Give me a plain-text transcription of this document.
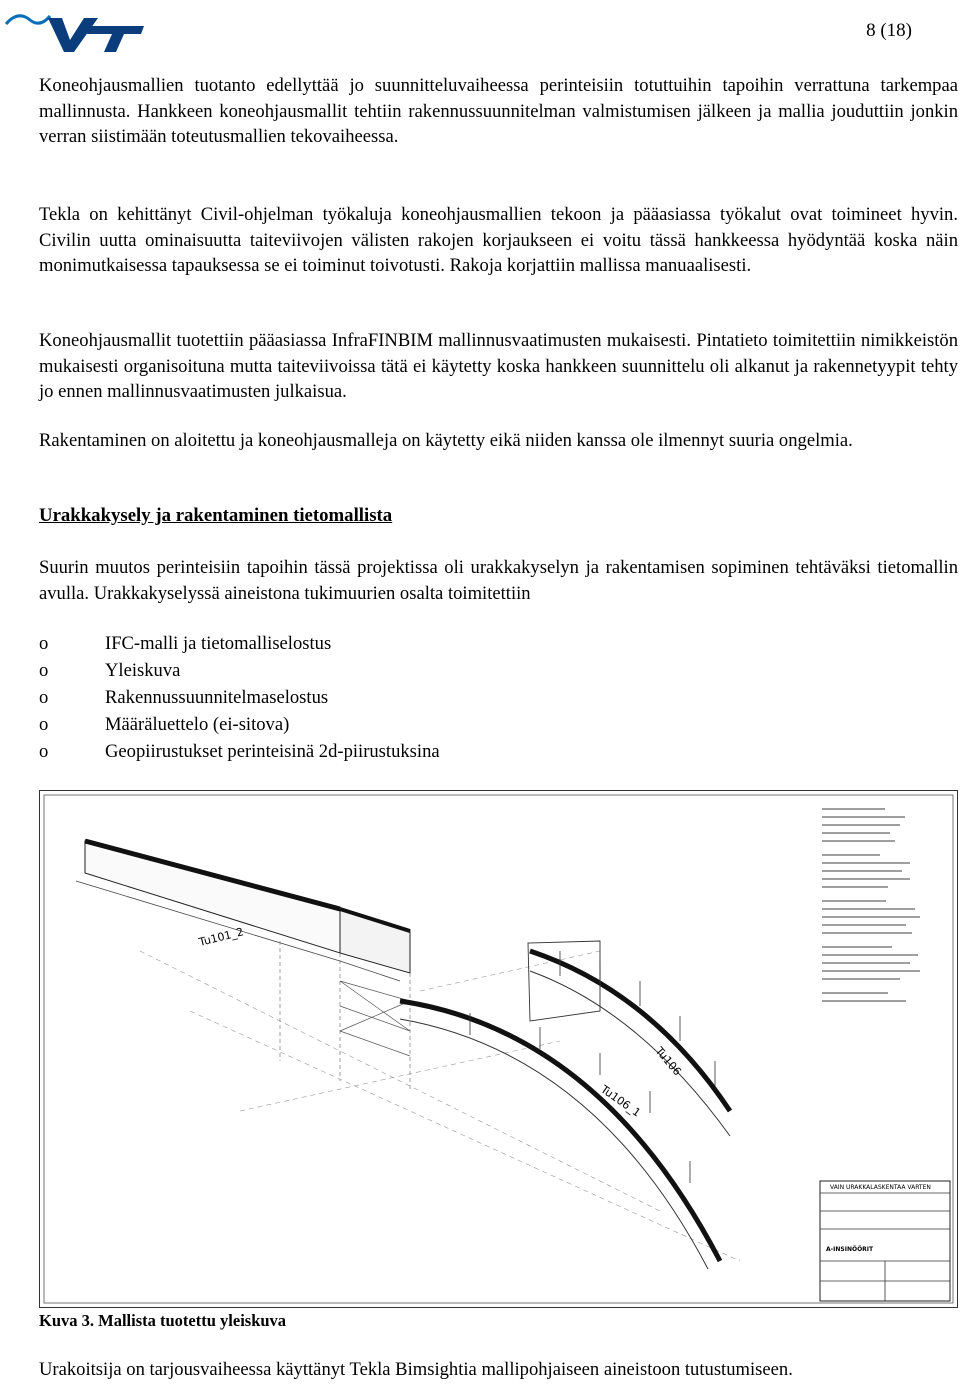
8 (18)

Koneohjausmallien tuotanto edellyttää jo suunnitteluvaiheessa perinteisiin totuttuihin tapoihin verrattuna tarkempaa mallinnusta. Hankkeen koneohjausmallit tehtiin rakennussuunnitelman valmistumisen jälkeen ja mallia jouduttiin jonkin verran siistimään toteutusmallien tekovaiheessa.

Tekla on kehittänyt Civil-ohjelman työkaluja koneohjausmallien tekoon ja pääasiassa työkalut ovat toimineet hyvin. Civilin uutta ominaisuutta taiteviivojen välisten rakojen korjaukseen ei voitu tässä hankkeessa hyödyntää koska näin monimutkaisessa tapauksessa se ei toiminut toivotusti. Rakoja korjattiin mallissa manuaalisesti.

Koneohjausmallit tuotettiin pääasiassa InfraFINBIM mallinnusvaatimusten mukaisesti. Pintatieto toimitettiin nimikkeistön mukaisesti organisoituna mutta taiteviivoissa tätä ei käytetty koska hankkeen suunnittelu oli alkanut ja rakennetyypit tehty jo ennen mallinnusvaatimusten julkaisua.

Rakentaminen on aloitettu ja koneohjausmalleja on käytetty eikä niiden kanssa ole ilmennyt suuria ongelmia.

Urakkakysely ja rakentaminen tietomallista

Suurin muutos perinteisiin tapoihin tässä projektissa oli urakkakyselyn ja rakentamisen sopiminen tehtäväksi tietomallin avulla. Urakkakyselyssä aineistona tukimuurien osalta toimitettiin

o	IFC-malli ja tietomalliselostus
o	Yleiskuva
o	Rakennussuunnitelmaselostus
o	Määräluettelo (ei-sitova)
o	Geopiirustukset perinteisinä 2d-piirustuksina
Tu101_2
Tu106
Tu106_1
VAIN URAKKALASKENTAA VARTEN
A-INSINÖÖRIT
Kuva 3. Mallista tuotettu yleiskuva

Urakoitsija on tarjousvaiheessa käyttänyt Tekla Bimsightia mallipohjaiseen aineistoon tutustumiseen.
